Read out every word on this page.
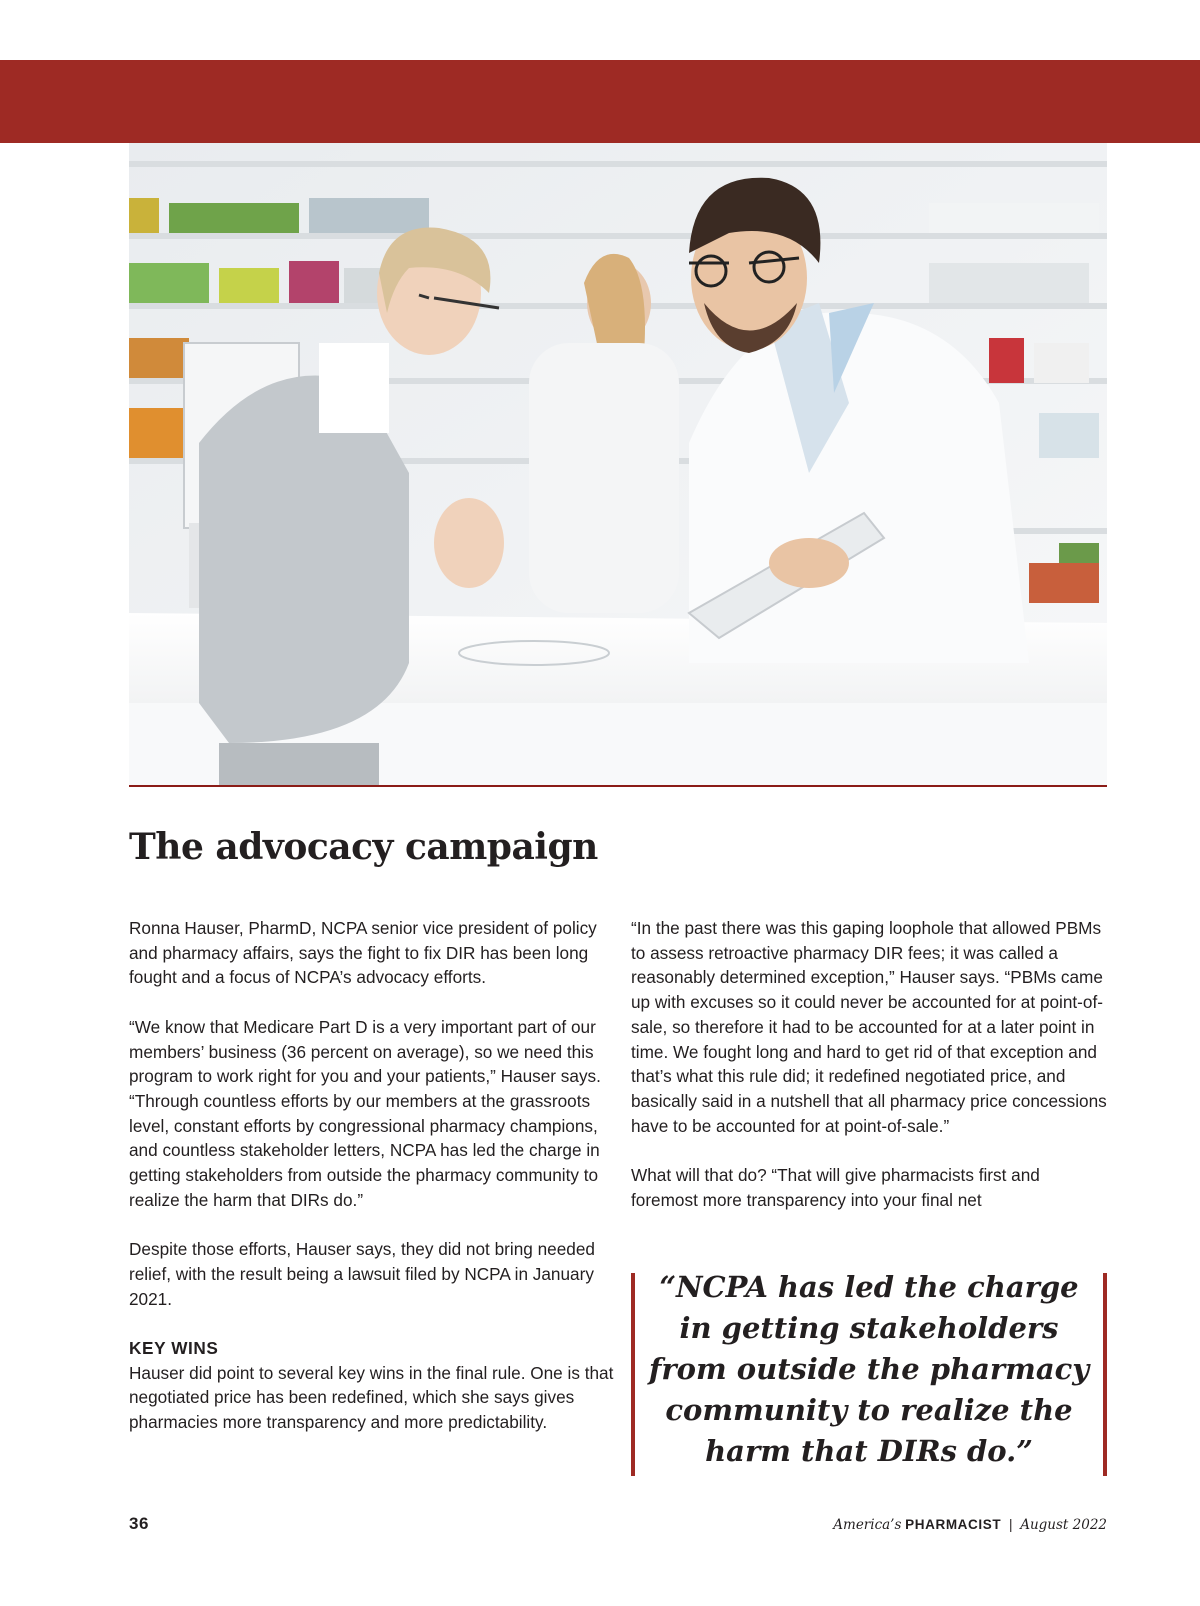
The advocacy campaign

Ronna Hauser, PharmD, NCPA senior vice president of policy and pharmacy affairs, says the fight to fix DIR has been long fought and a focus of NCPA’s advocacy efforts.

“We know that Medicare Part D is a very important part of our members’ business (36 percent on average), so we need this program to work right for you and your patients,” Hauser says. “Through countless efforts by our members at the grassroots level, constant efforts by congressional pharmacy champions, and countless stakeholder letters, NCPA has led the charge in getting stakeholders from outside the pharmacy community to realize the harm that DIRs do.”

Despite those efforts, Hauser says, they did not bring needed relief, with the result being a lawsuit filed by NCPA in January 2021.

KEY WINS

Hauser did point to several key wins in the final rule. One is that negotiated price has been redefined, which she says gives pharmacies more transparency and more predictability.

“In the past there was this gaping loophole that allowed PBMs to assess retroactive pharmacy DIR fees; it was called a reasonably determined exception,” Hauser says. “PBMs came up with excuses so it could never be accounted for at point-of-sale, so therefore it had to be accounted for at a later point in time. We fought long and hard to get rid of that exception and that’s what this rule did; it redefined negotiated price, and basically said in a nutshell that all pharmacy price concessions have to be accounted for at point-of-sale.”

What will that do? “That will give pharmacists first and foremost more transparency into your final net

“NCPA has led the charge
in getting stakeholders
from outside the pharmacy
community to realize the
harm that DIRs do.”

36	America’s PHARMACIST | August 2022
